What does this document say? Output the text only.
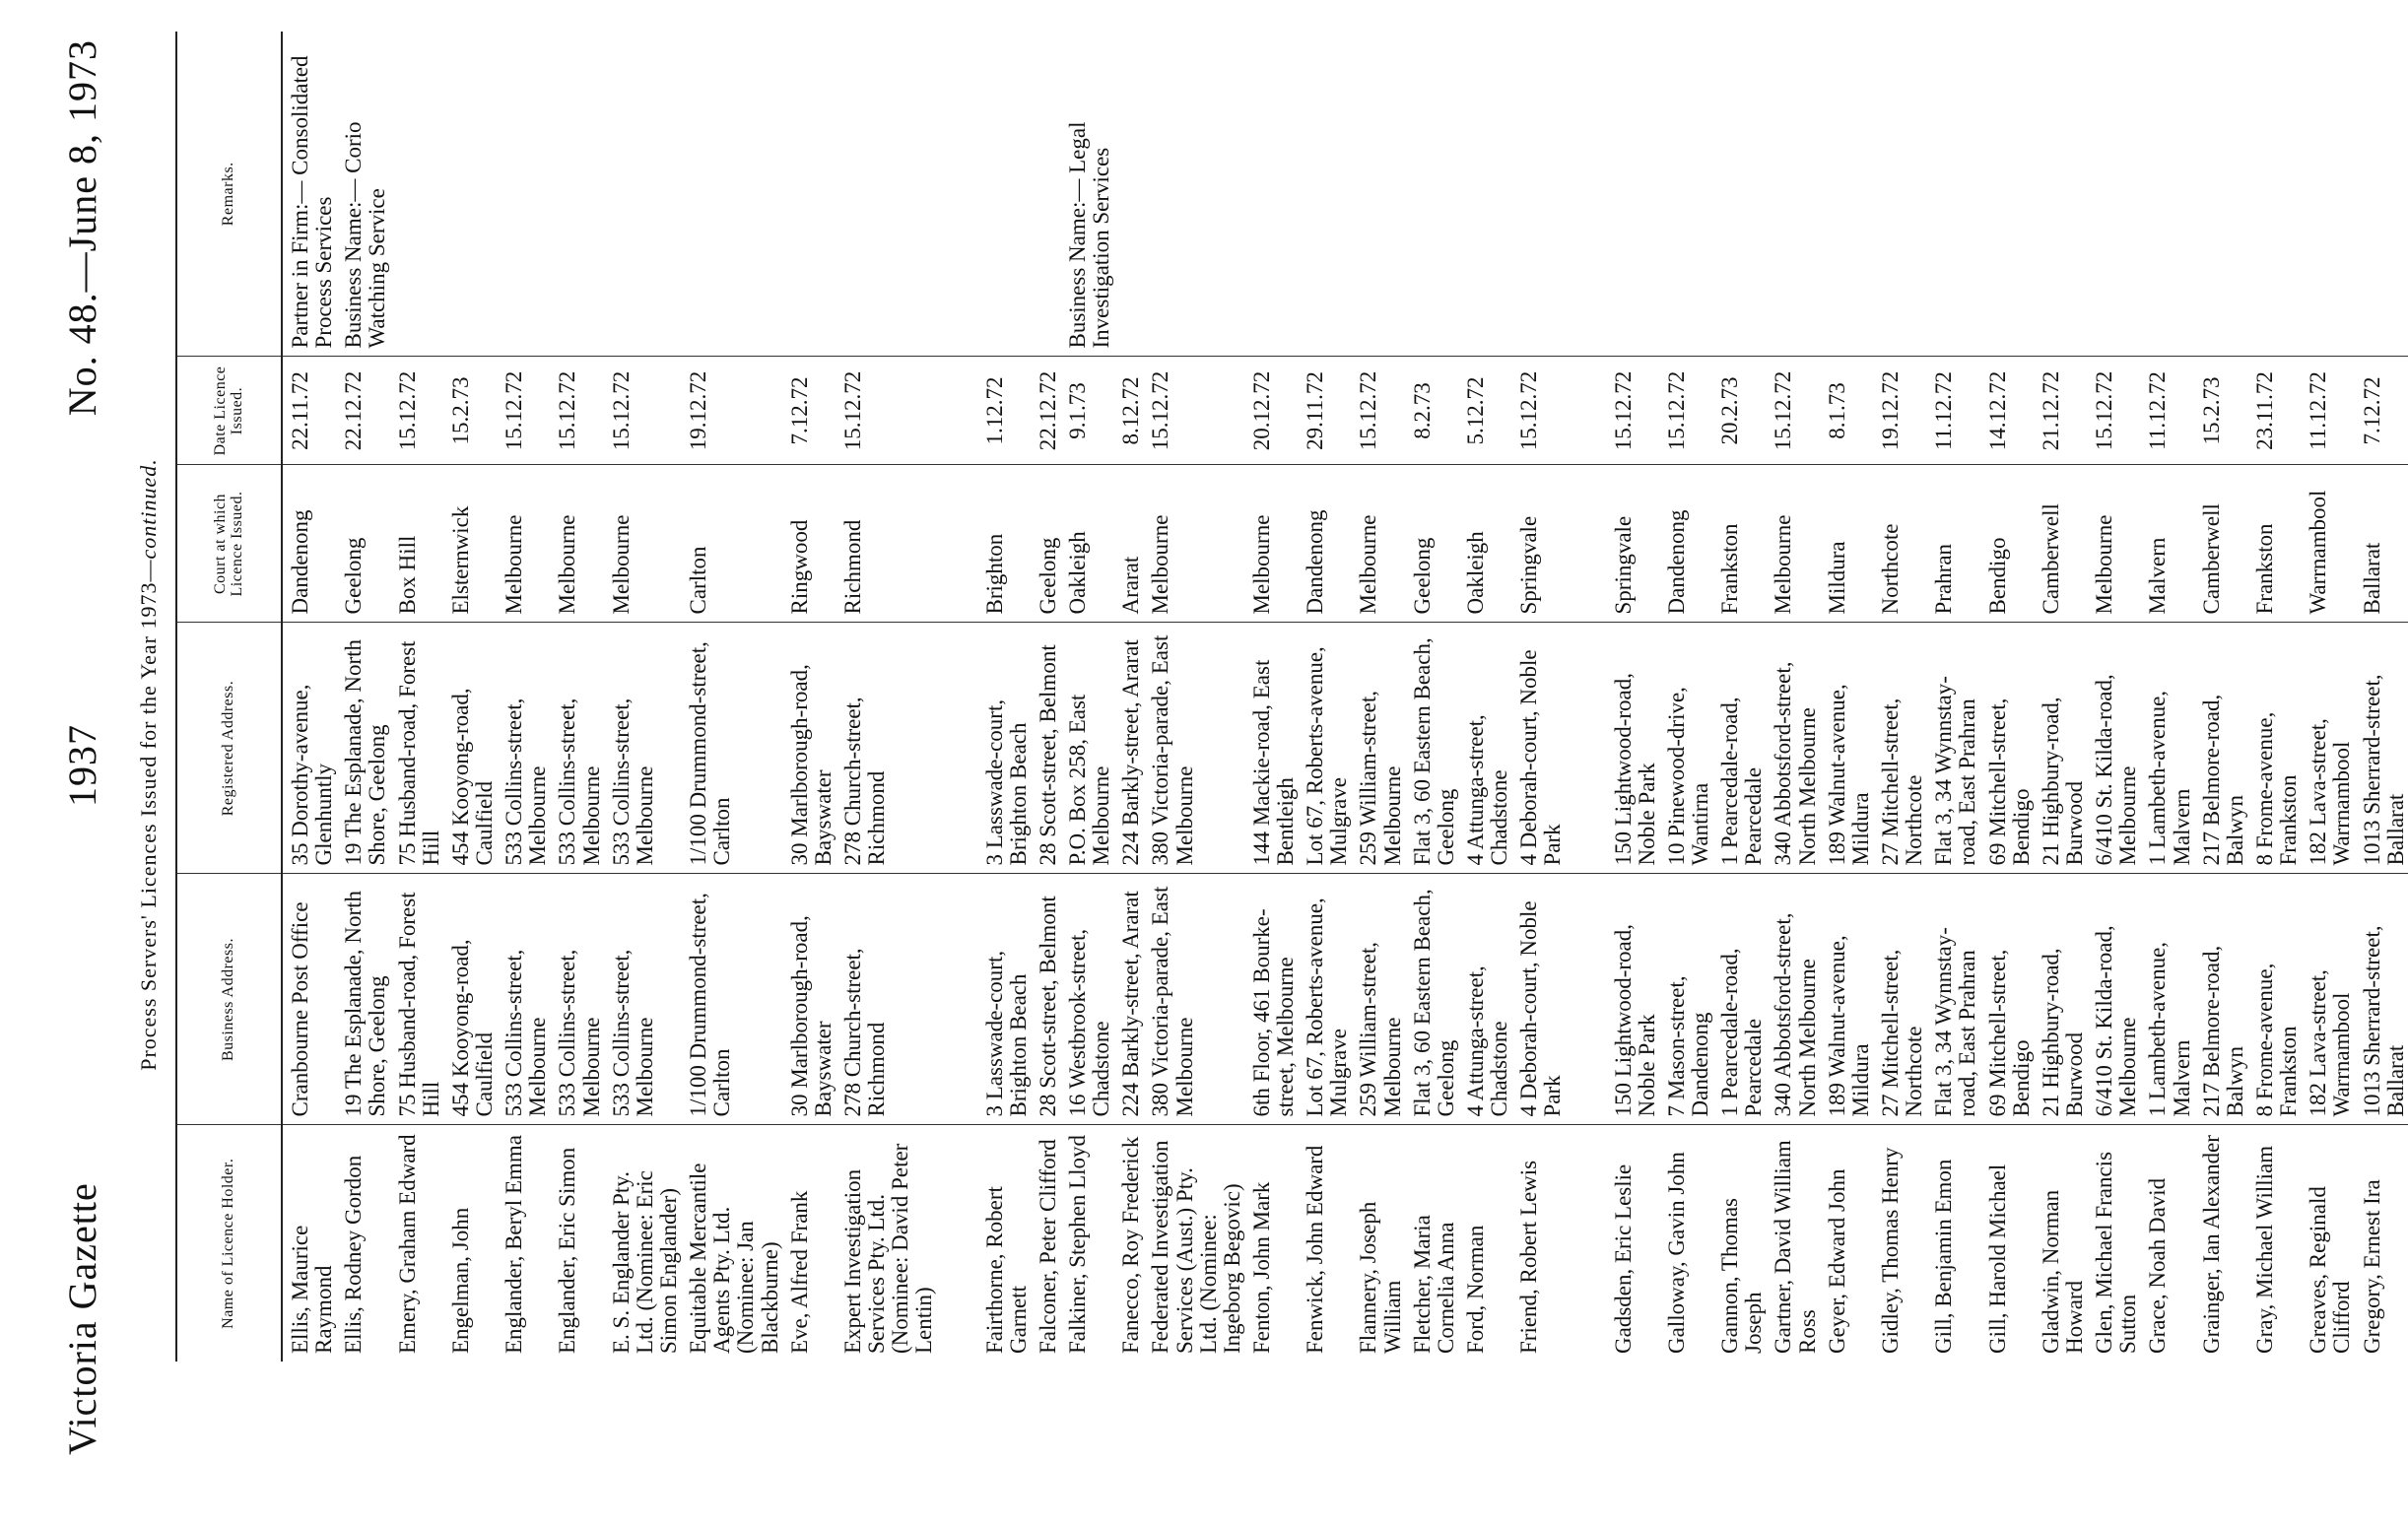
Victoria Gazette
1937
No. 48.—June 8, 1973
Process Servers' Licences Issued for the Year 1973—continued.
Name of Licence Holder.	Business Address.	Registered Address.	Court at which Licence Issued.	Date Licence Issued.	Remarks.
Ellis, Maurice Raymond	Cranbourne Post Office	35 Dorothy-avenue, Glenhuntly	Dandenong	22.11.72	Partner in Firm:— Consolidated Process Services
Ellis, Rodney Gordon	19 The Esplanade, North Shore, Geelong	19 The Esplanade, North Shore, Geelong	Geelong	22.12.72	Business Name:— Corio Watching Service
Emery, Graham Edward	75 Husband-road, Forest Hill	75 Husband-road, Forest Hill	Box Hill	15.12.72	
Engelman, John	454 Kooyong-road, Caulfield	454 Kooyong-road, Caulfield	Elsternwick	15.2.73	
Englander, Beryl Emma	533 Collins-street, Melbourne	533 Collins-street, Melbourne	Melbourne	15.12.72	
Englander, Eric Simon	533 Collins-street, Melbourne	533 Collins-street, Melbourne	Melbourne	15.12.72	
E. S. Englander Pty. Ltd. (Nominee: Eric Simon Englander)	533 Collins-street, Melbourne	533 Collins-street, Melbourne	Melbourne	15.12.72	
Equitable Mercantile Agents Pty. Ltd. (Nominee: Jan Blackburne)	1/100 Drummond-street, Carlton	1/100 Drummond-street, Carlton	Carlton	19.12.72	
Eve, Alfred Frank	30 Marlborough-road, Bayswater	30 Marlborough-road, Bayswater	Ringwood	7.12.72	
Expert Investigation Services Pty. Ltd. (Nominee: David Peter Lentin)	278 Church-street, Richmond	278 Church-street, Richmond	Richmond	15.12.72	

Fairthorne, Robert Garnett	3 Lasswade-court, Brighton Beach	3 Lasswade-court, Brighton Beach	Brighton	1.12.72	
Falconer, Peter Clifford	28 Scott-street, Belmont	28 Scott-street, Belmont	Geelong	22.12.72	
Falkiner, Stephen Lloyd	16 Westbrook-street, Chadstone	P.O. Box 258, East Melbourne	Oakleigh	9.1.73	Business Name:— Legal Investigation Services
Fanecco, Roy Frederick	224 Barkly-street, Ararat	224 Barkly-street, Ararat	Ararat	8.12.72	
Federated Investigation Services (Aust.) Pty. Ltd. (Nominee: Ingeborg Begovic)	380 Victoria-parade, East Melbourne	380 Victoria-parade, East Melbourne	Melbourne	15.12.72	
Fenton, John Mark	6th Floor, 461 Bourke-street, Melbourne	144 Mackie-road, East Bentleigh	Melbourne	20.12.72	
Fenwick, John Edward	Lot 67, Roberts-avenue, Mulgrave	Lot 67, Roberts-avenue, Mulgrave	Dandenong	29.11.72	
Flannery, Joseph William	259 William-street, Melbourne	259 William-street, Melbourne	Melbourne	15.12.72	
Fletcher, Maria Cornelia Anna	Flat 3, 60 Eastern Beach, Geelong	Flat 3, 60 Eastern Beach, Geelong	Geelong	8.2.73	
Ford, Norman	4 Attunga-street, Chadstone	4 Attunga-street, Chadstone	Oakleigh	5.12.72	
Friend, Robert Lewis	4 Deborah-court, Noble Park	4 Deborah-court, Noble Park	Springvale	15.12.72	

Gadsden, Eric Leslie	150 Lightwood-road, Noble Park	150 Lightwood-road, Noble Park	Springvale	15.12.72	
Galloway, Gavin John	7 Mason-street, Dandenong	10 Pinewood-drive, Wantirna	Dandenong	15.12.72	
Gannon, Thomas Joseph	1 Pearcedale-road, Pearcedale	1 Pearcedale-road, Pearcedale	Frankston	20.2.73	
Gartner, David William Ross	340 Abbotsford-street, North Melbourne	340 Abbotsford-street, North Melbourne	Melbourne	15.12.72	
Geyer, Edward John	189 Walnut-avenue, Mildura	189 Walnut-avenue, Mildura	Mildura	8.1.73	
Gidley, Thomas Henry	27 Mitchell-street, Northcote	27 Mitchell-street, Northcote	Northcote	19.12.72	
Gill, Benjamin Emon	Flat 3, 34 Wynnstay-road, East Prahran	Flat 3, 34 Wynnstay-road, East Prahran	Prahran	11.12.72	
Gill, Harold Michael	69 Mitchell-street, Bendigo	69 Mitchell-street, Bendigo	Bendigo	14.12.72	
Gladwin, Norman Howard	21 Highbury-road, Burwood	21 Highbury-road, Burwood	Camberwell	21.12.72	
Glen, Michael Francis Sutton	6/410 St. Kilda-road, Melbourne	6/410 St. Kilda-road, Melbourne	Melbourne	15.12.72	
Grace, Noah David	1 Lambeth-avenue, Malvern	1 Lambeth-avenue, Malvern	Malvern	11.12.72	
Grainger, Ian Alexander	217 Belmore-road, Balwyn	217 Belmore-road, Balwyn	Camberwell	15.2.73	
Gray, Michael William	8 Frome-avenue, Frankston	8 Frome-avenue, Frankston	Frankston	23.11.72	
Greaves, Reginald Clifford	182 Lava-street, Warrnambool	182 Lava-street, Warrnambool	Warrnambool	11.12.72	
Gregory, Ernest Ira	1013 Sherrard-street, Ballarat	1013 Sherrard-street, Ballarat	Ballarat	7.12.72	
